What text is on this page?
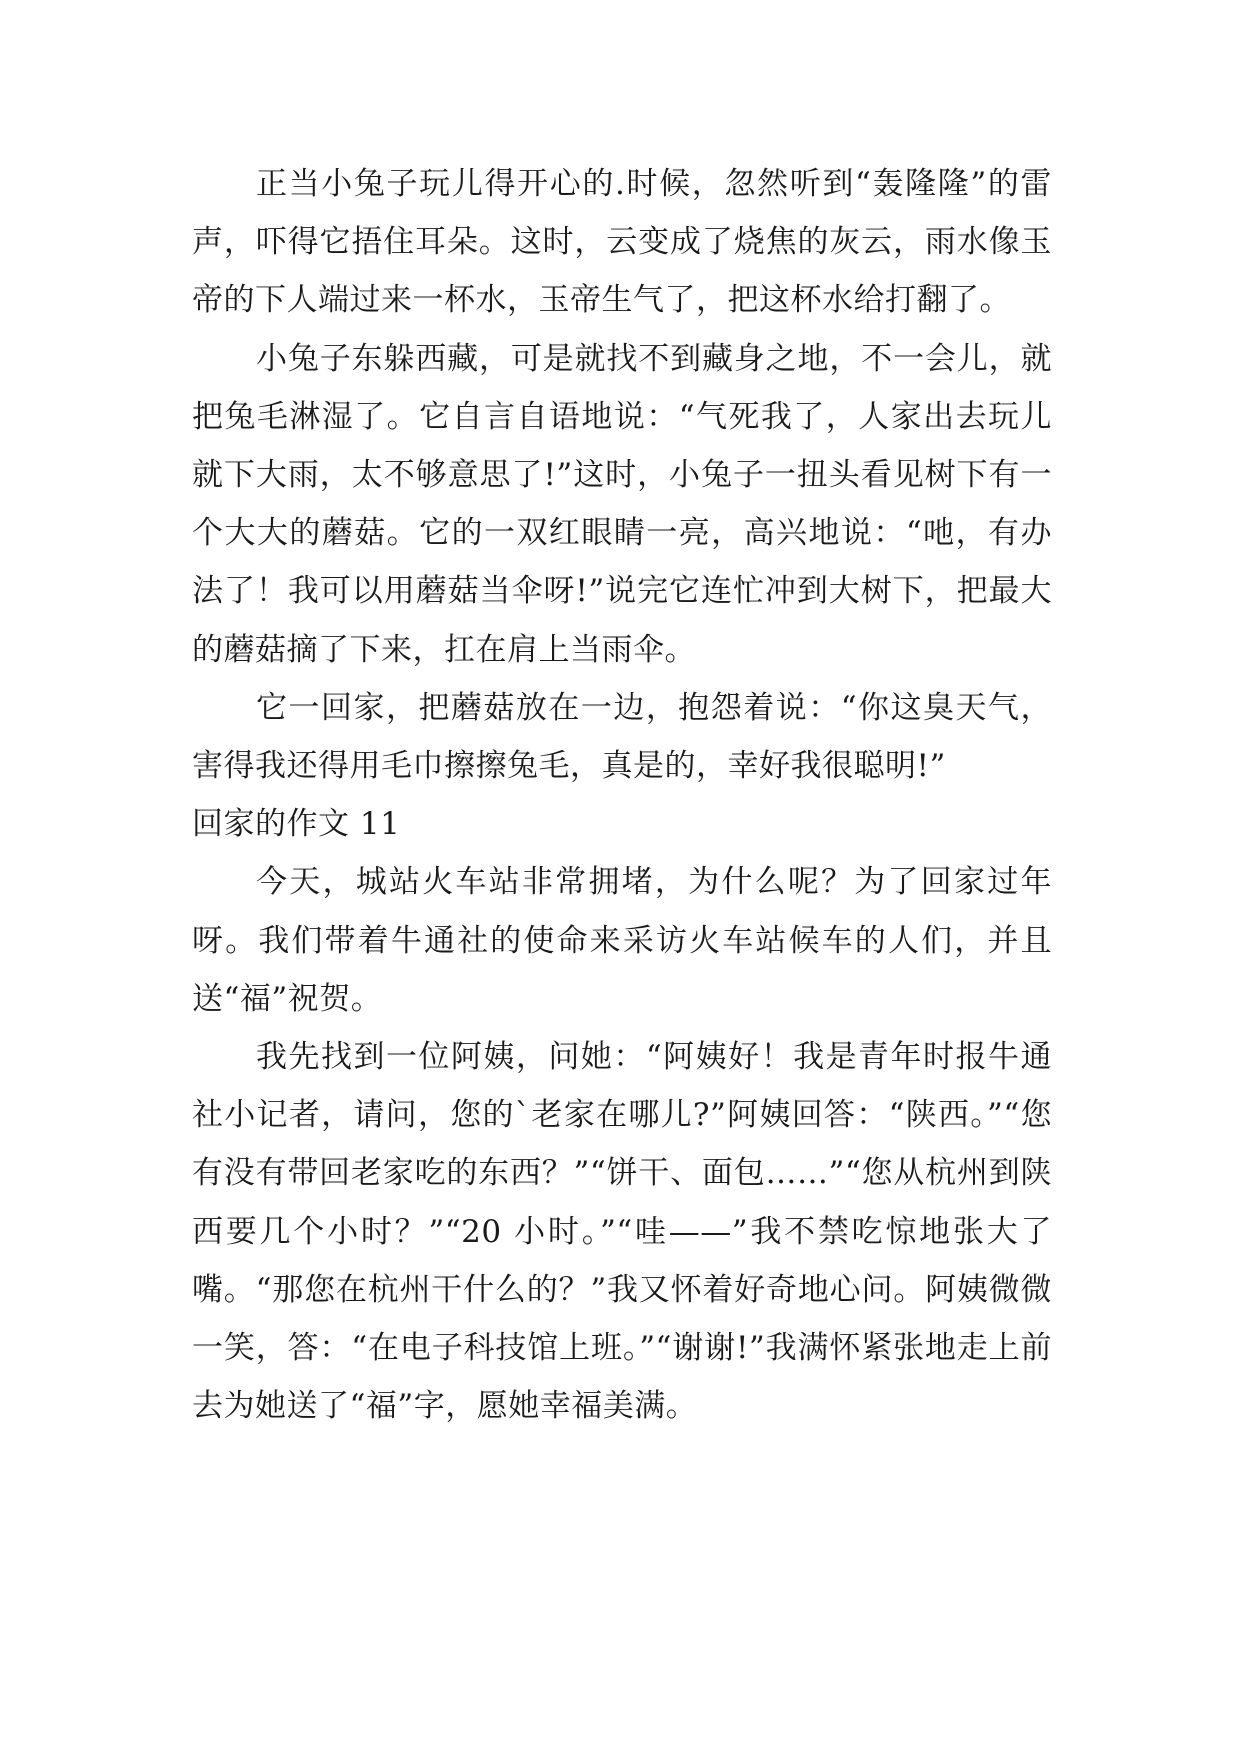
正当小兔子玩儿得开心的.时候，忽然听到“轰隆隆”的雷声，吓得它捂住耳朵。这时，云变成了烧焦的灰云，雨水像玉帝的下人端过来一杯水，玉帝生气了，把这杯水给打翻了。

小兔子东躲西藏，可是就找不到藏身之地，不一会儿，就把兔毛淋湿了。它自言自语地说：“气死我了，人家出去玩儿就下大雨，太不够意思了!”这时，小兔子一扭头看见树下有一个大大的蘑菇。它的一双红眼睛一亮，高兴地说：“吔，有办法了！我可以用蘑菇当伞呀!”说完它连忙冲到大树下，把最大的蘑菇摘了下来，扛在肩上当雨伞。

它一回家，把蘑菇放在一边，抱怨着说：“你这臭天气，害得我还得用毛巾擦擦兔毛，真是的，幸好我很聪明!”

回家的作文 11

今天，城站火车站非常拥堵，为什么呢？为了回家过年呀。我们带着牛通社的使命来采访火车站候车的人们，并且送“福”祝贺。

我先找到一位阿姨，问她：“阿姨好！我是青年时报牛通社小记者，请问，您的`老家在哪儿?”阿姨回答：“陕西。”“您有没有带回老家吃的东西？”“饼干、面包……”“您从杭州到陕西要几个小时？”“20 小时。”“哇——”我不禁吃惊地张大了嘴。“那您在杭州干什么的？”我又怀着好奇地心问。阿姨微微一笑，答：“在电子科技馆上班。”“谢谢!”我满怀紧张地走上前去为她送了“福”字，愿她幸福美满。
